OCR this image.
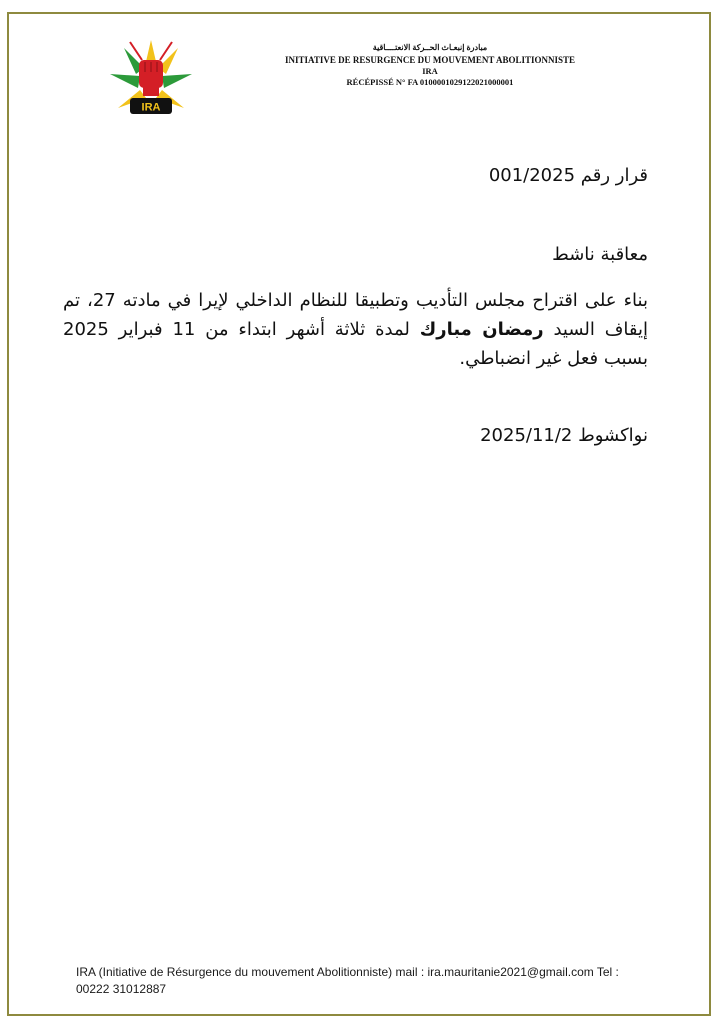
IRA
مبادرة إنبعـاث الحــركة الانعتــــاقية
INITIATIVE DE RESURGENCE DU MOUVEMENT ABOLITIONNISTE
IRA
RÉCÉPISSÉ N° FA 0100001029122021000001
قرار رقم 001/2025
معاقبة ناشط
بناء على اقتراح مجلس التأديب وتطبيقا للنظام الداخلي لإيرا في مادته 27، تم إيقاف السيد رمضان مبارك لمدة ثلاثة أشهر ابتداء من 11 فبراير 2025 بسبب فعل غير انضباطي.
نواكشوط 2025/11/2
IRA (Initiative de Résurgence du mouvement Abolitionniste) mail : ira.mauritanie2021@gmail.com Tel : 00222 31012887
